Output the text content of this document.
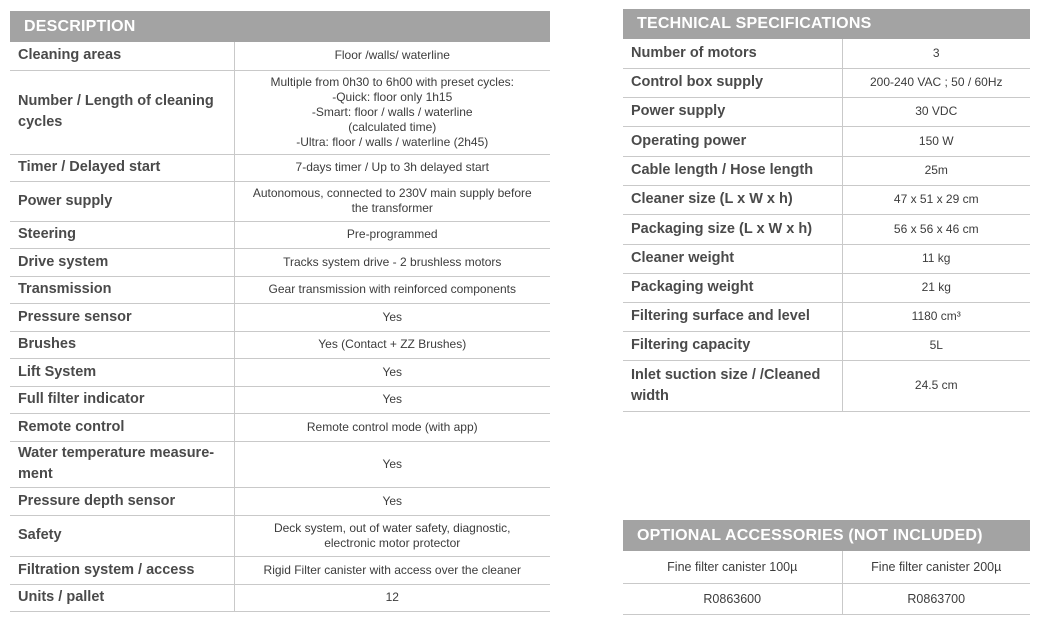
DESCRIPTION
Cleaning areas	Floor /walls/ waterline
Number / Length of cleaning cycles	Multiple from 0h30 to 6h00 with preset cycles:
-Quick: floor only 1h15
-Smart: floor / walls / waterline
(calculated time)
-Ultra: floor / walls / waterline (2h45)
Timer / Delayed start	7-days timer / Up to 3h delayed start
Power supply	Autonomous, connected to 230V main supply before
the transformer
Steering	Pre-programmed
Drive system	Tracks system drive - 2 brushless motors
Transmission	Gear transmission with reinforced components
Pressure sensor	Yes
Brushes	Yes (Contact + ZZ Brushes)
Lift System	Yes
Full filter indicator	Yes
Remote control	Remote control mode (with app)
Water temperature measure-ment	Yes
Pressure depth sensor	Yes
Safety	Deck system, out of water safety, diagnostic,
electronic motor protector
Filtration system / access	Rigid Filter canister with access over the cleaner
Units / pallet	12
TECHNICAL SPECIFICATIONS
Number of motors	3
Control box supply	200-240 VAC ; 50 / 60Hz
Power supply	30 VDC
Operating power	150 W
Cable length / Hose length	25m
Cleaner size (L x W x h)	47 x 51 x 29 cm
Packaging size (L x W x h)	56 x 56 x 46 cm
Cleaner weight	11 kg
Packaging weight	21 kg
Filtering surface and level	1180 cm³
Filtering capacity	5L
Inlet suction size / /Cleaned width	24.5 cm
OPTIONAL ACCESSORIES (NOT INCLUDED)
Fine filter canister 100µ	Fine filter canister 200µ
R0863600	R0863700
